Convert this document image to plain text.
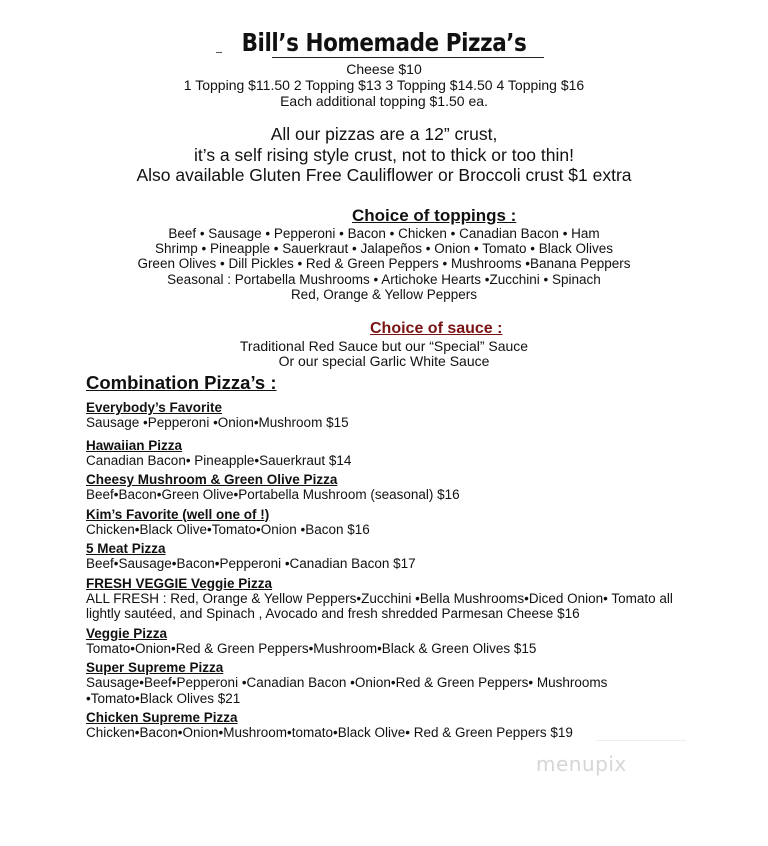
Bill’s Homemade Pizza’s
Cheese $10
1 Topping $11.50 2 Topping $13 3 Topping $14.50 4 Topping $16
Each additional topping $1.50 ea.
All our pizzas are a 12” crust,
it’s a self rising style crust, not to thick or too thin!
Also available Gluten Free Cauliflower or Broccoli crust $1 extra
Choice of toppings :
Beef • Sausage • Pepperoni • Bacon • Chicken • Canadian Bacon • Ham
Shrimp • Pineapple • Sauerkraut • Jalapeños • Onion • Tomato • Black Olives
Green Olives • Dill Pickles • Red & Green Peppers • Mushrooms •Banana Peppers
Seasonal : Portabella Mushrooms • Artichoke Hearts •Zucchini • Spinach
Red, Orange & Yellow Peppers
Choice of sauce :
Traditional Red Sauce but our “Special” Sauce
Or our special Garlic White Sauce
Combination Pizza’s :
Everybody’s Favorite
Sausage •Pepperoni •Onion•Mushroom $15
Hawaiian Pizza
Canadian Bacon• Pineapple•Sauerkraut $14
Cheesy Mushroom & Green Olive Pizza
Beef•Bacon•Green Olive•Portabella Mushroom (seasonal) $16
Kim’s Favorite (well one of !)
Chicken•Black Olive•Tomato•Onion •Bacon $16
5 Meat Pizza
Beef•Sausage•Bacon•Pepperoni •Canadian Bacon $17
FRESH VEGGIE Veggie Pizza
ALL FRESH : Red, Orange & Yellow Peppers•Zucchini •Bella Mushrooms•Diced Onion• Tomato all lightly sautéed, and Spinach , Avocado and fresh shredded Parmesan Cheese $16
Veggie Pizza
Tomato•Onion•Red & Green Peppers•Mushroom•Black & Green Olives $15
Super Supreme Pizza
Sausage•Beef•Pepperoni •Canadian Bacon •Onion•Red & Green Peppers• Mushrooms •Tomato•Black Olives $21
Chicken Supreme Pizza
Chicken•Bacon•Onion•Mushroom•tomato•Black Olive• Red & Green Peppers $19
menupix
